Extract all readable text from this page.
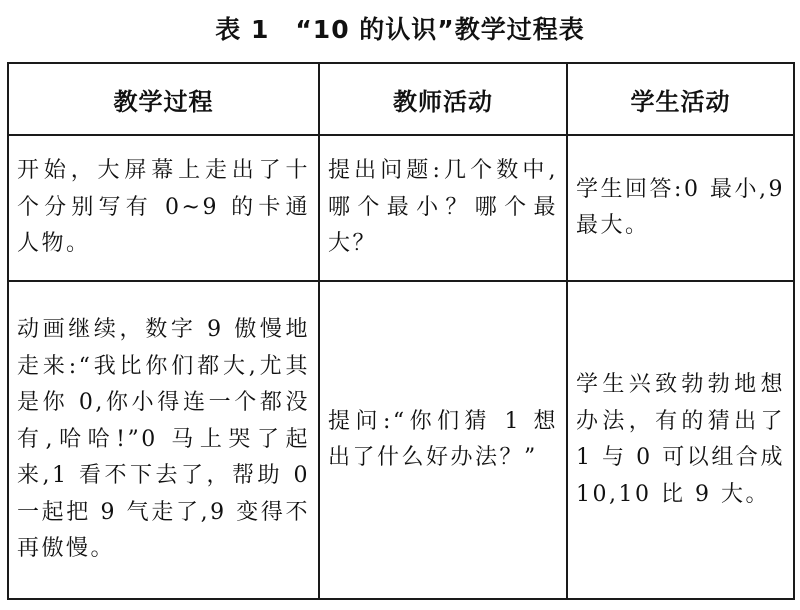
表 1 “10 的认识”教学过程表
教学过程	教师活动	学生活动
开始，大屏幕上走出了十个分别写有 0~9 的卡通人物。	提出问题:几个数中,哪个最小？哪个最大？	学生回答:0 最小,9 最大。
动画继续，数字 9 傲慢地走来:“我比你们都大,尤其是你 0,你小得连一个都没有,哈哈!”0 马上哭了起来,1 看不下去了，帮助 0 一起把 9 气走了,9 变得不再傲慢。	提问:“你们猜 1 想出了什么好办法？”	学生兴致勃勃地想办法，有的猜出了 1 与 0 可以组合成 10,10 比 9 大。
